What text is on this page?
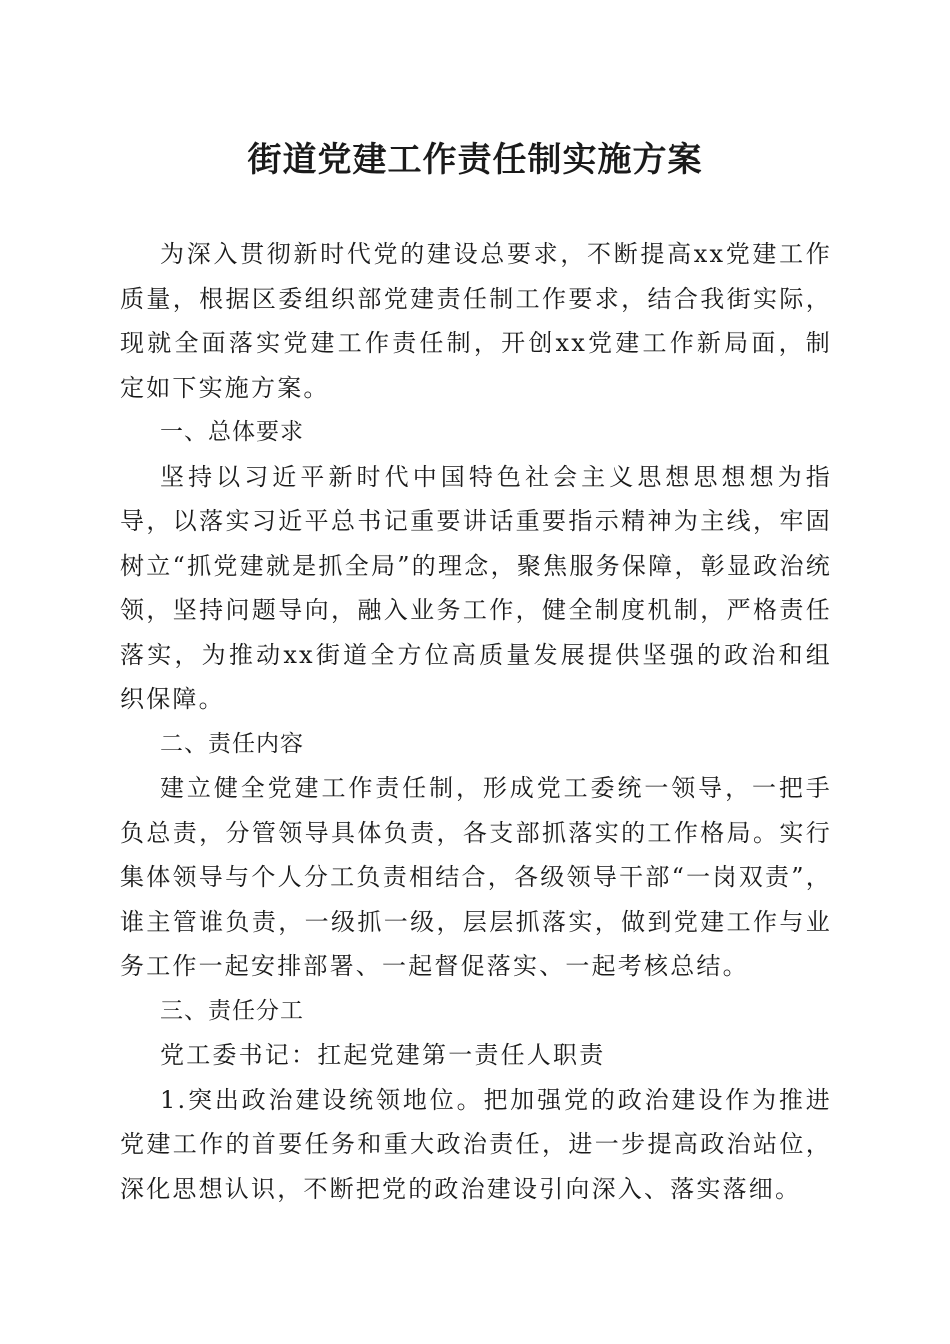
街道党建工作责任制实施方案

为深入贯彻新时代党的建设总要求，不断提高xx党建工作质量，根据区委组织部党建责任制工作要求，结合我街实际，现就全面落实党建工作责任制，开创xx党建工作新局面，制定如下实施方案。

一、总体要求

坚持以习近平新时代中国特色社会主义思想思想想为指导，以落实习近平总书记重要讲话重要指示精神为主线，牢固树立“抓党建就是抓全局”的理念，聚焦服务保障，彰显政治统领，坚持问题导向，融入业务工作，健全制度机制，严格责任落实，为推动xx街道全方位高质量发展提供坚强的政治和组织保障。

二、责任内容

建立健全党建工作责任制，形成党工委统一领导，一把手负总责，分管领导具体负责，各支部抓落实的工作格局。实行集体领导与个人分工负责相结合，各级领导干部“一岗双责”，谁主管谁负责，一级抓一级，层层抓落实，做到党建工作与业务工作一起安排部署、一起督促落实、一起考核总结。

三、责任分工

党工委书记：扛起党建第一责任人职责

1.突出政治建设统领地位。把加强党的政治建设作为推进党建工作的首要任务和重大政治责任，进一步提高政治站位，深化思想认识，不断把党的政治建设引向深入、落实落细。
